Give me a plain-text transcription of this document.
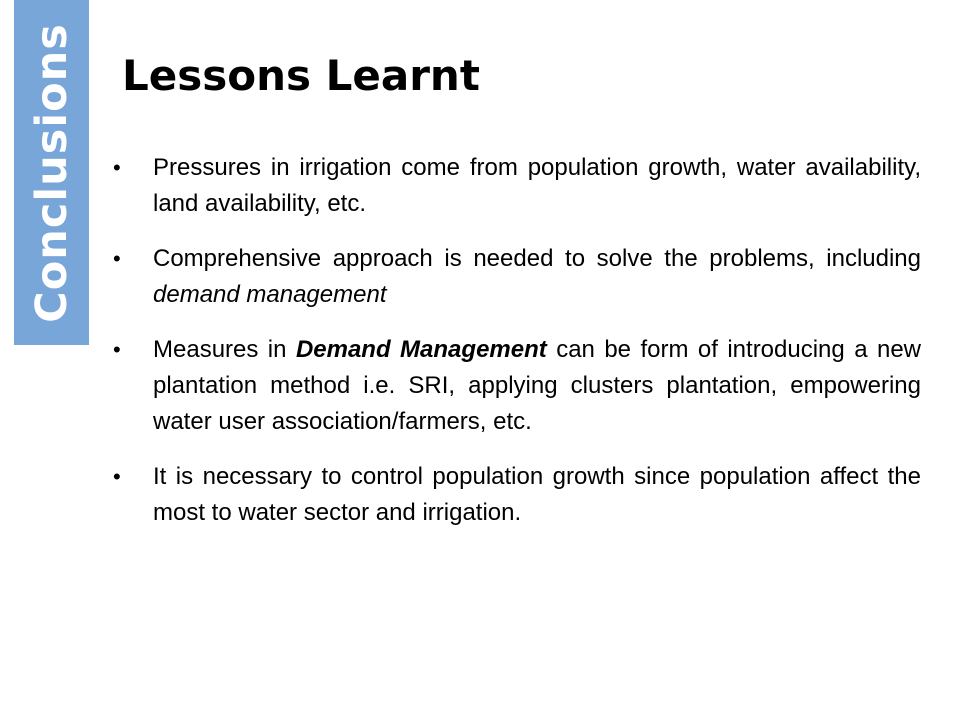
Conclusions Lessons Learnt
•	Pressures in irrigation come from population growth, water availability, land availability, etc.
•	Comprehensive approach is needed to solve the problems, including demand management
•	Measures in Demand Management can be form of introducing a new plantation method i.e. SRI, applying clusters plantation, empowering water user association/farmers, etc.
•	It is necessary to control population growth since population affect the most to water sector and irrigation.
